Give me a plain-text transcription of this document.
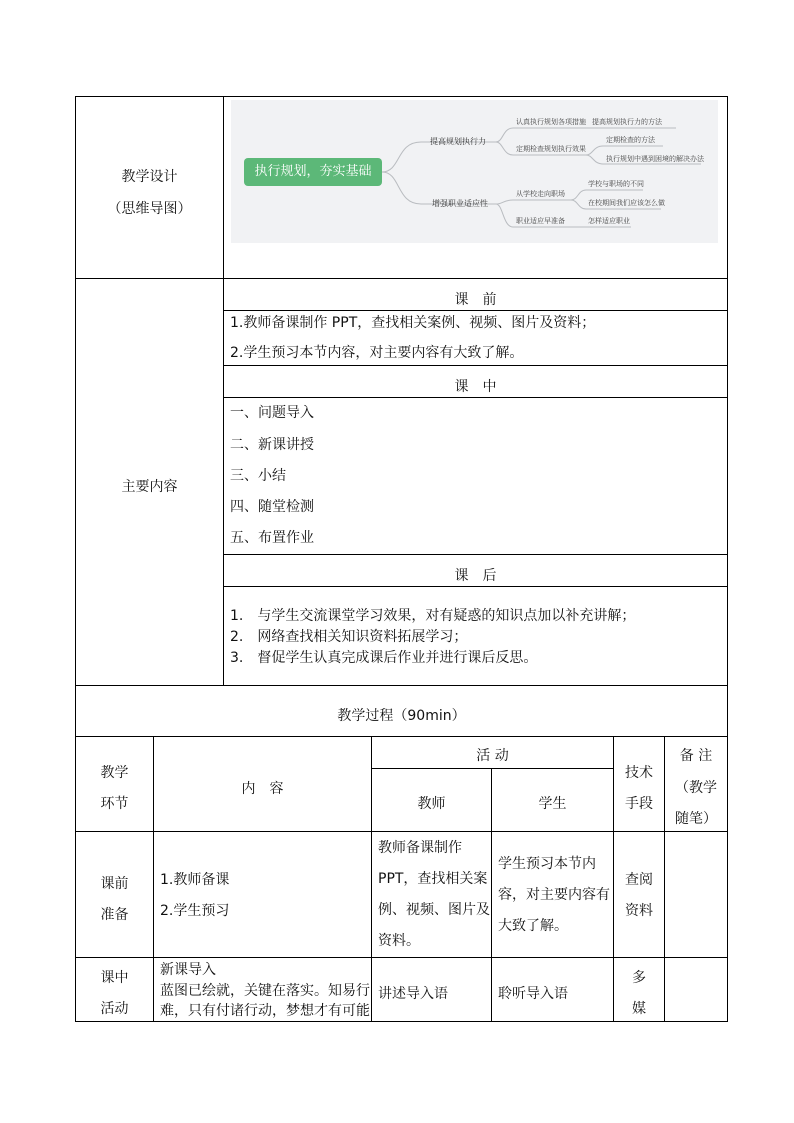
教学设计
（思维导图）
执行规划，夯实基础
提高规划执行力
增强职业适应性
认真执行规划各项措施
定期检查规划执行效果
提高规划执行力的方法
定期检查的方法
执行规划中遇到困境的解决办法
从学校走向职场
职业适应早准备
学校与职场的不同
在校期间我们应该怎么做
怎样适应职业
主要内容
课　前
1.教师备课制作 PPT，查找相关案例、视频、图片及资料；
2.学生预习本节内容，对主要内容有大致了解。
课　中
一、问题导入
二、新课讲授
三、小结
四、随堂检测
五、布置作业
课　后
1.　与学生交流课堂学习效果，对有疑惑的知识点加以补充讲解；
2.　网络查找相关知识资料拓展学习；
3.　督促学生认真完成课后作业并进行课后反思。
教学过程（90min）
教学
环节
内　容
活 动
教师	学生
技术
手段
备 注
（教学
随笔）
课前
准备
1.教师备课
2.学生预习
教师备课制作
PPT，查找相关案
例、视频、图片及
资料。
学生预习本节内
容，对主要内容有
大致了解。
查阅
资料
课中
活动
新课导入
蓝图已绘就，关键在落实。知易行
难，只有付诸行动，梦想才有可能
讲述导入语	聆听导入语
多
媒
